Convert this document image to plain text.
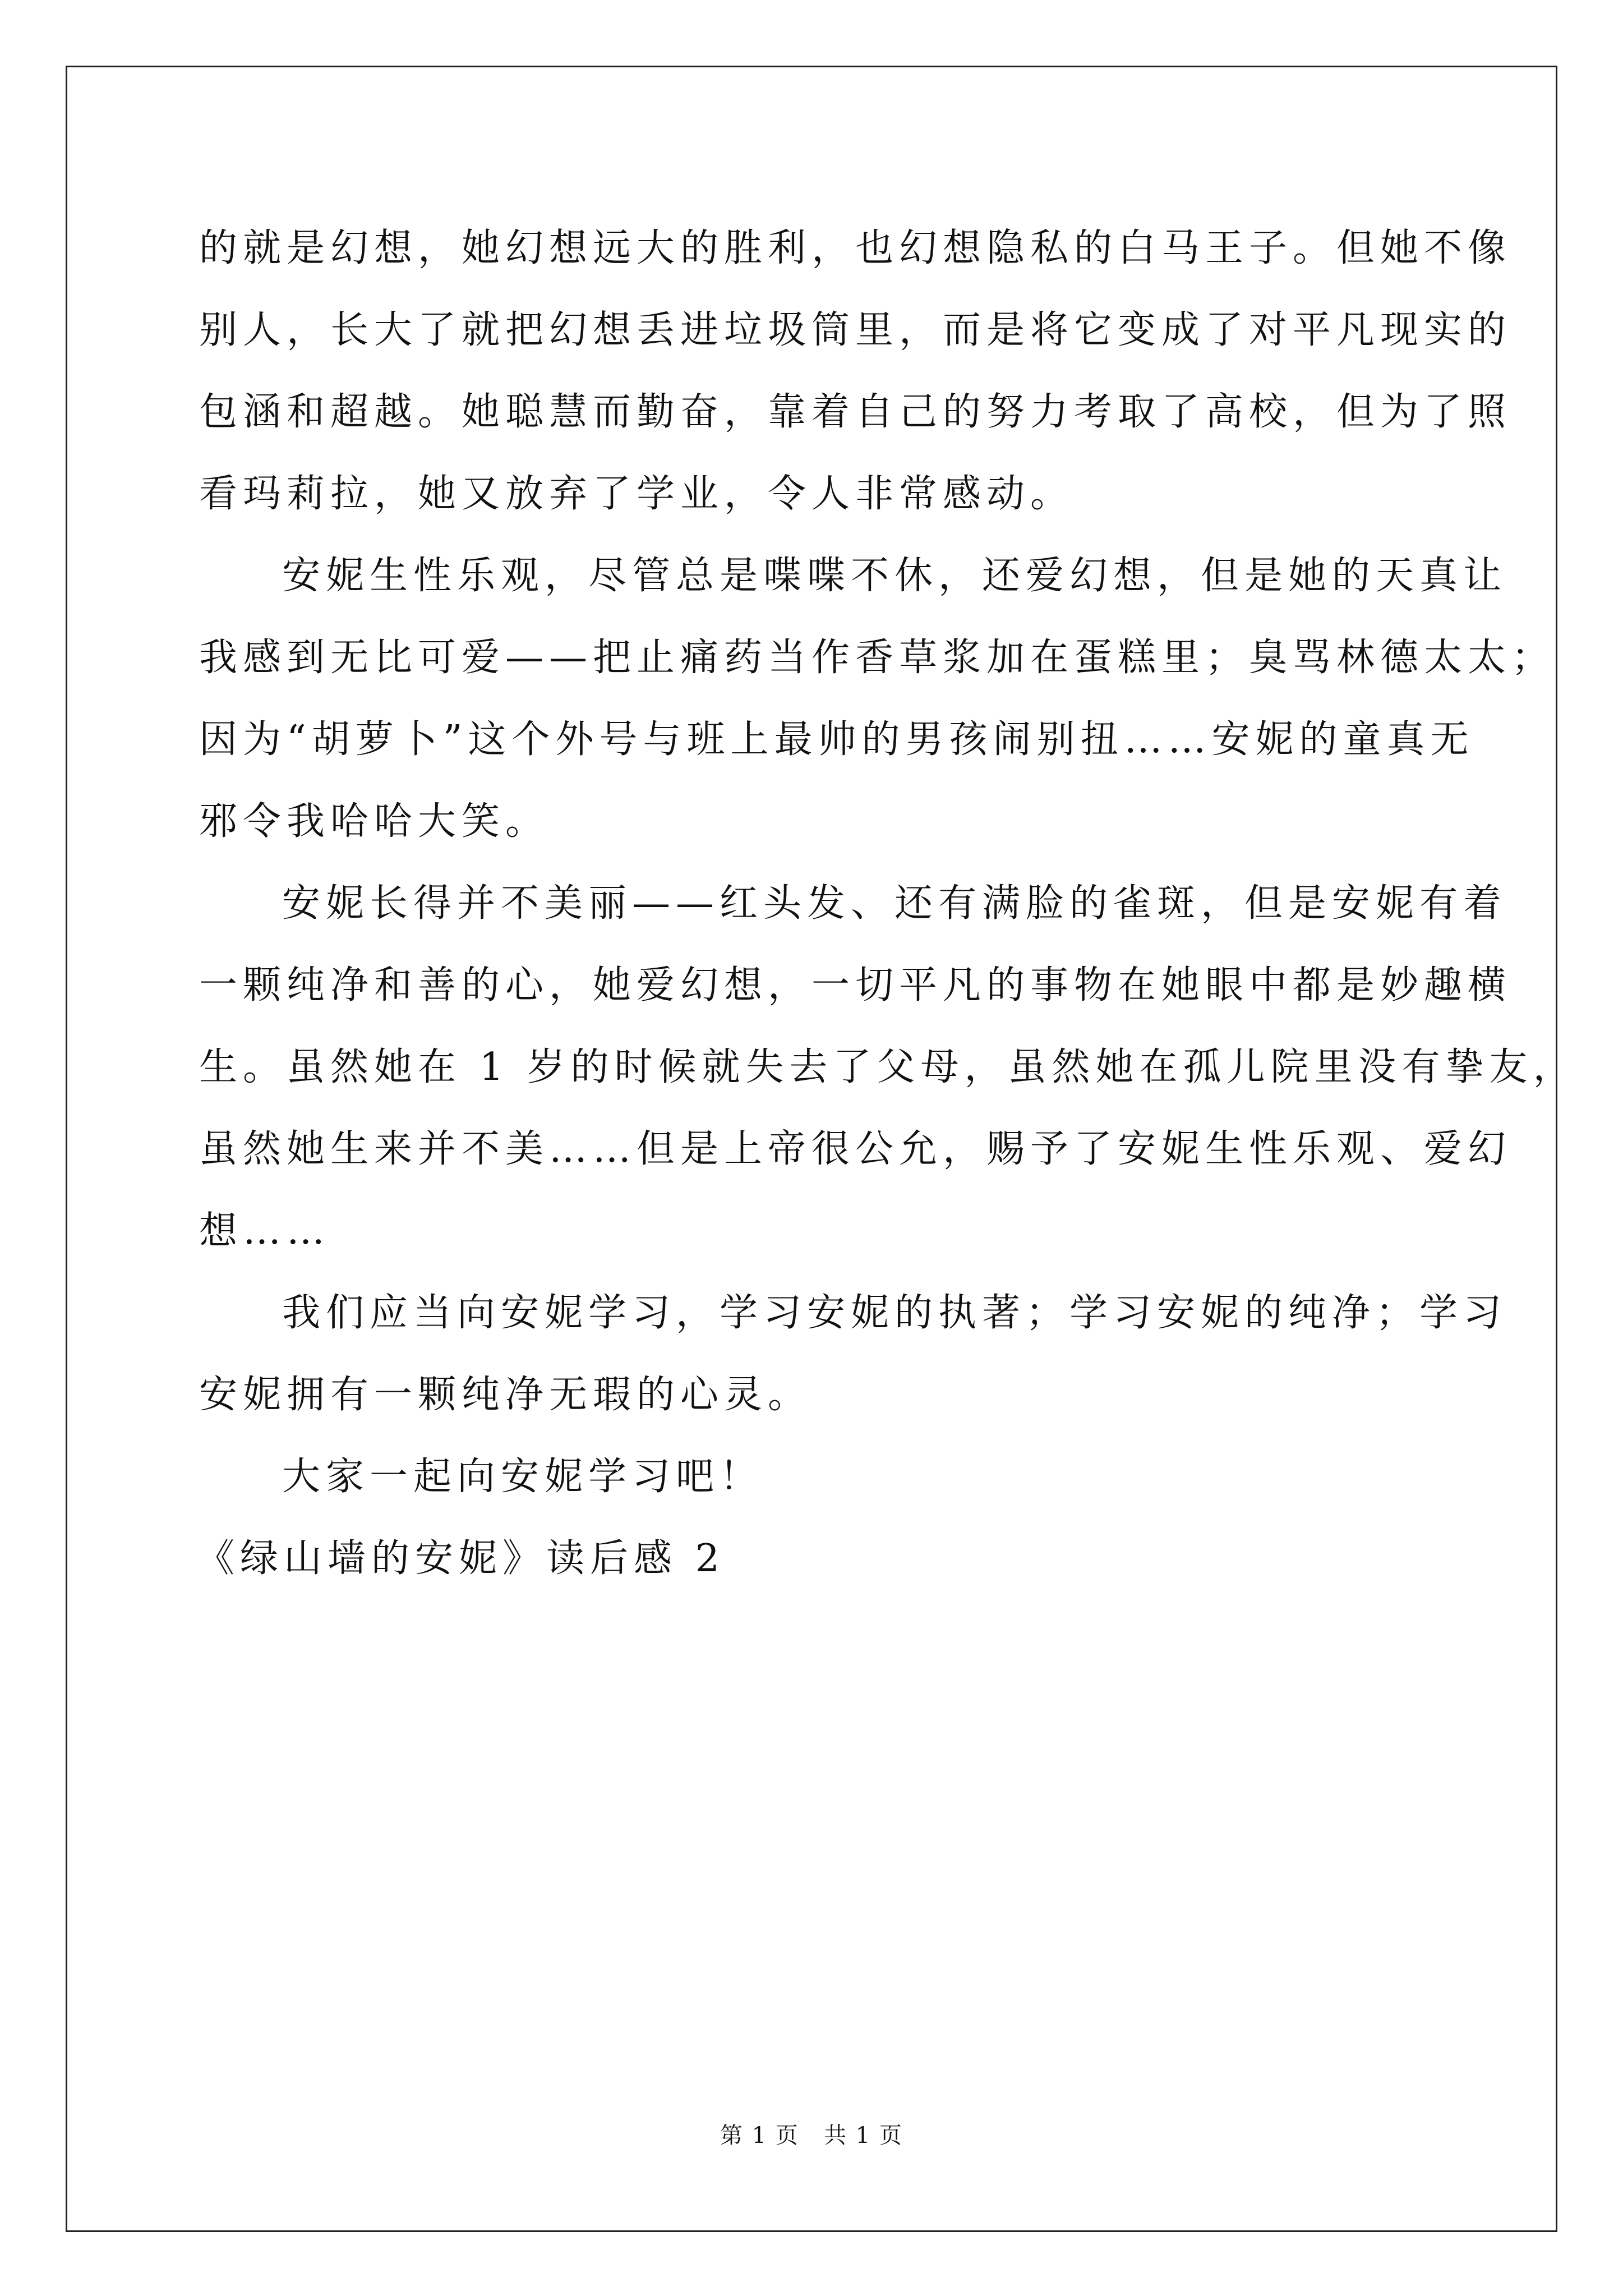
的就是幻想，她幻想远大的胜利，也幻想隐私的白马王子。但她不像
别人，长大了就把幻想丢进垃圾筒里，而是将它变成了对平凡现实的
包涵和超越。她聪慧而勤奋，靠着自己的努力考取了高校，但为了照
看玛莉拉，她又放弃了学业，令人非常感动。
安妮生性乐观，尽管总是喋喋不休，还爱幻想，但是她的天真让
我感到无比可爱——把止痛药当作香草浆加在蛋糕里；臭骂林德太太；
因为“胡萝卜”这个外号与班上最帅的男孩闹别扭……安妮的童真无
邪令我哈哈大笑。
安妮长得并不美丽——红头发、还有满脸的雀斑，但是安妮有着
一颗纯净和善的心，她爱幻想，一切平凡的事物在她眼中都是妙趣横
生。虽然她在 1 岁的时候就失去了父母，虽然她在孤儿院里没有挚友，
虽然她生来并不美……但是上帝很公允，赐予了安妮生性乐观、爱幻
想……
我们应当向安妮学习，学习安妮的执著；学习安妮的纯净；学习
安妮拥有一颗纯净无瑕的心灵。
大家一起向安妮学习吧！
《绿山墙的安妮》读后感 2
第 1 页   共 1 页
